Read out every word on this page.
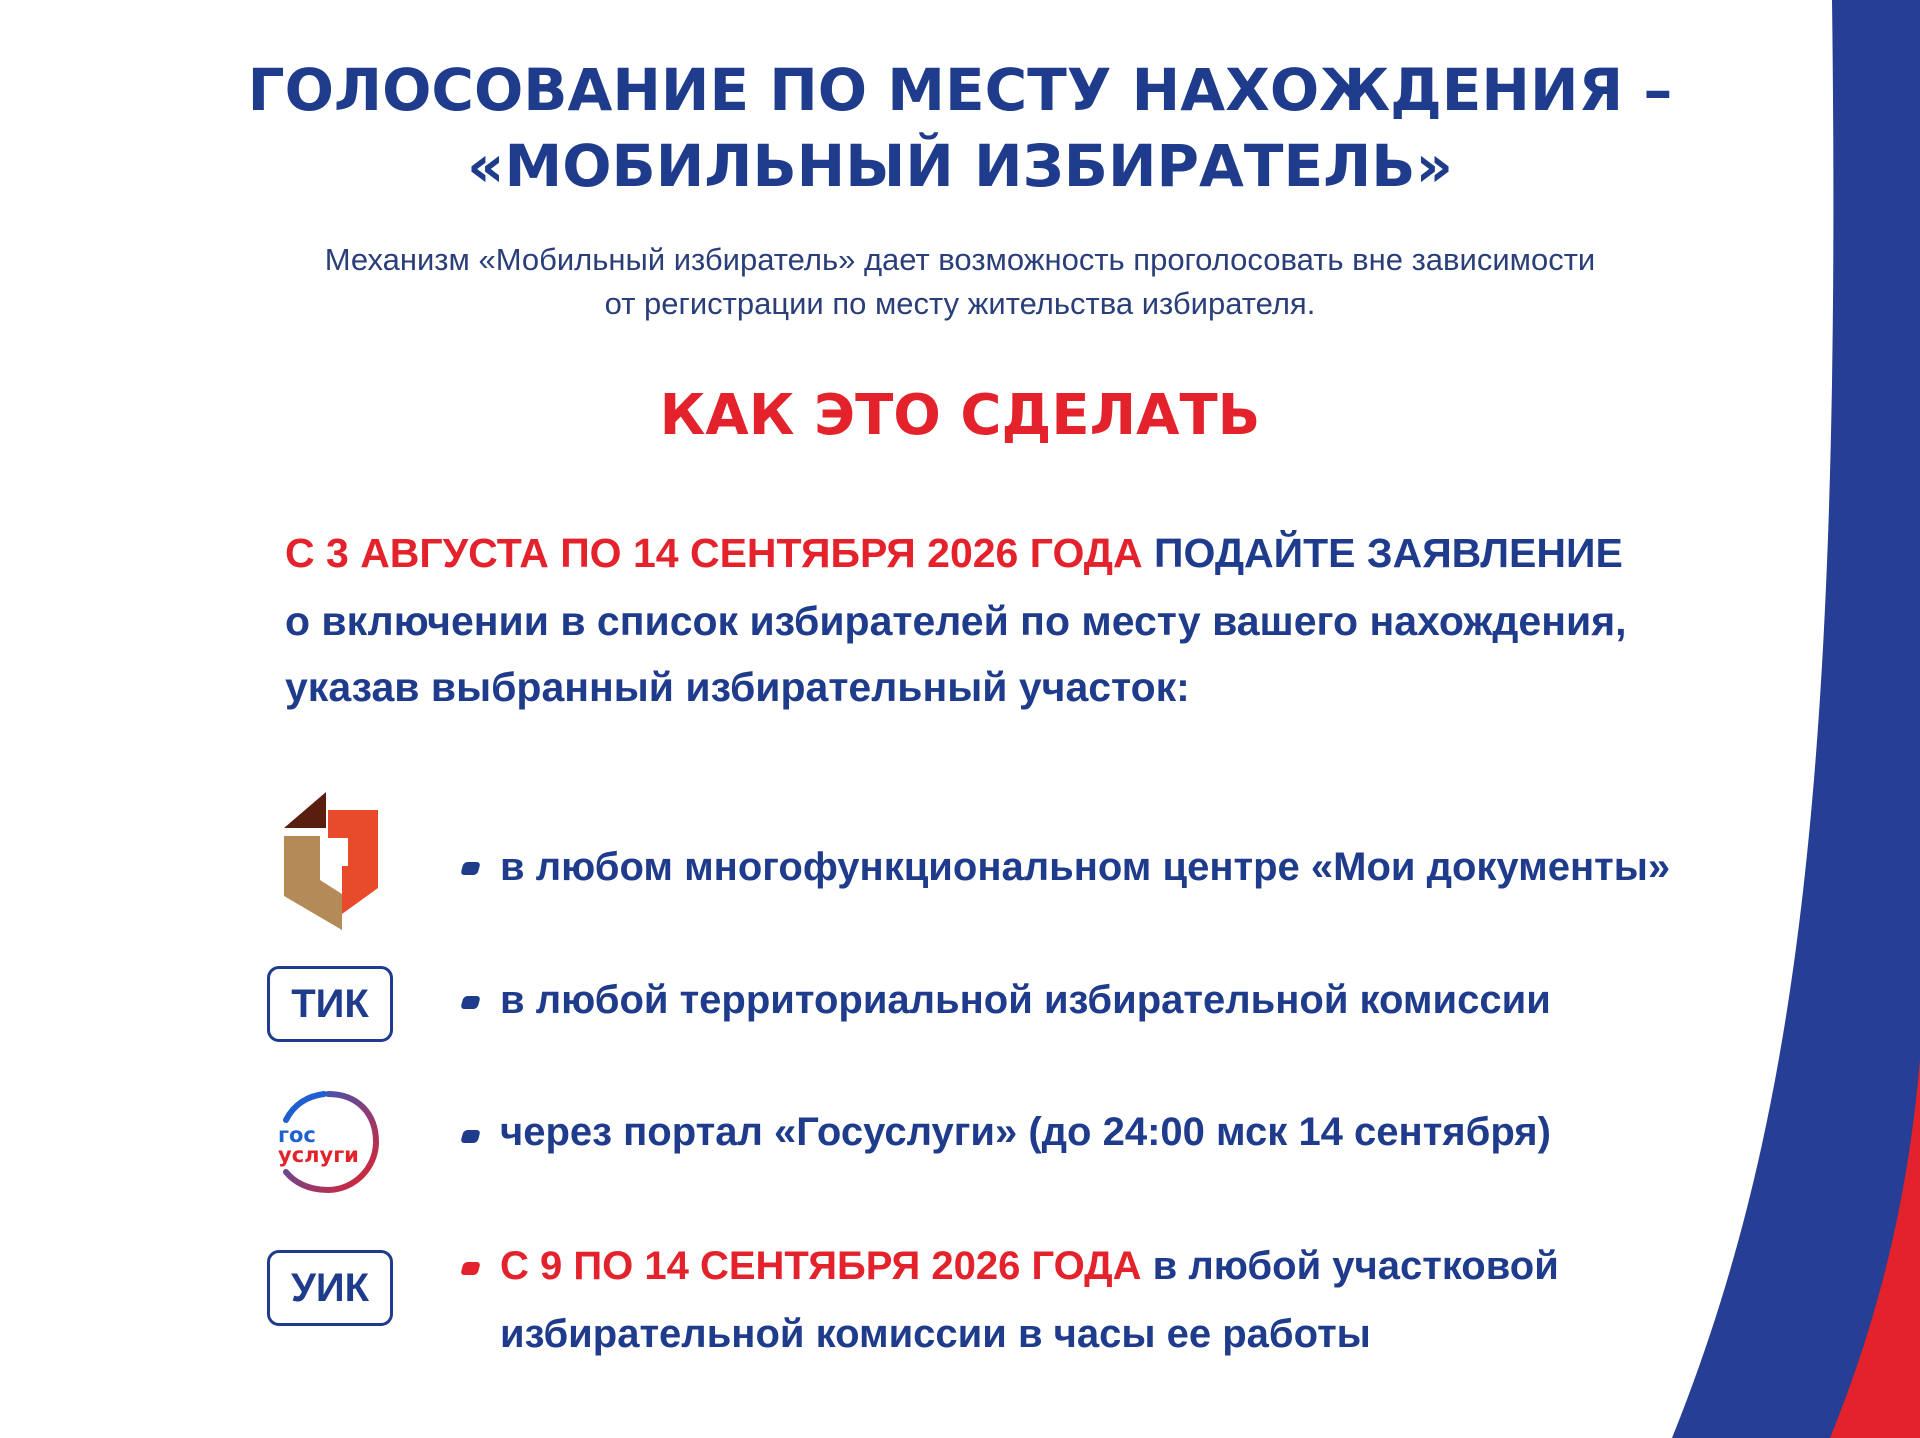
ГОЛОСОВАНИЕ ПО МЕСТУ НАХОЖДЕНИЯ –
«МОБИЛЬНЫЙ ИЗБИРАТЕЛЬ»
Механизм «Мобильный избиратель» дает возможность проголосовать вне зависимости
от регистрации по месту жительства избирателя.
КАК ЭТО СДЕЛАТЬ
С 3 АВГУСТА ПО 14 СЕНТЯБРЯ 2026 ГОДА ПОДАЙТЕ ЗАЯВЛЕНИЕ
о включении в список избирателей по месту вашего нахождения,
указав выбранный избирательный участок:
в любом многофункциональном центре «Мои документы»
ТИК	в любой территориальной избирательной комиссии
гос
услуги
через портал «Госуслуги» (до 24:00 мск 14 сентября)
УИК	С 9 ПО 14 СЕНТЯБРЯ 2026 ГОДА в любой участковой
избирательной комиссии в часы ее работы
